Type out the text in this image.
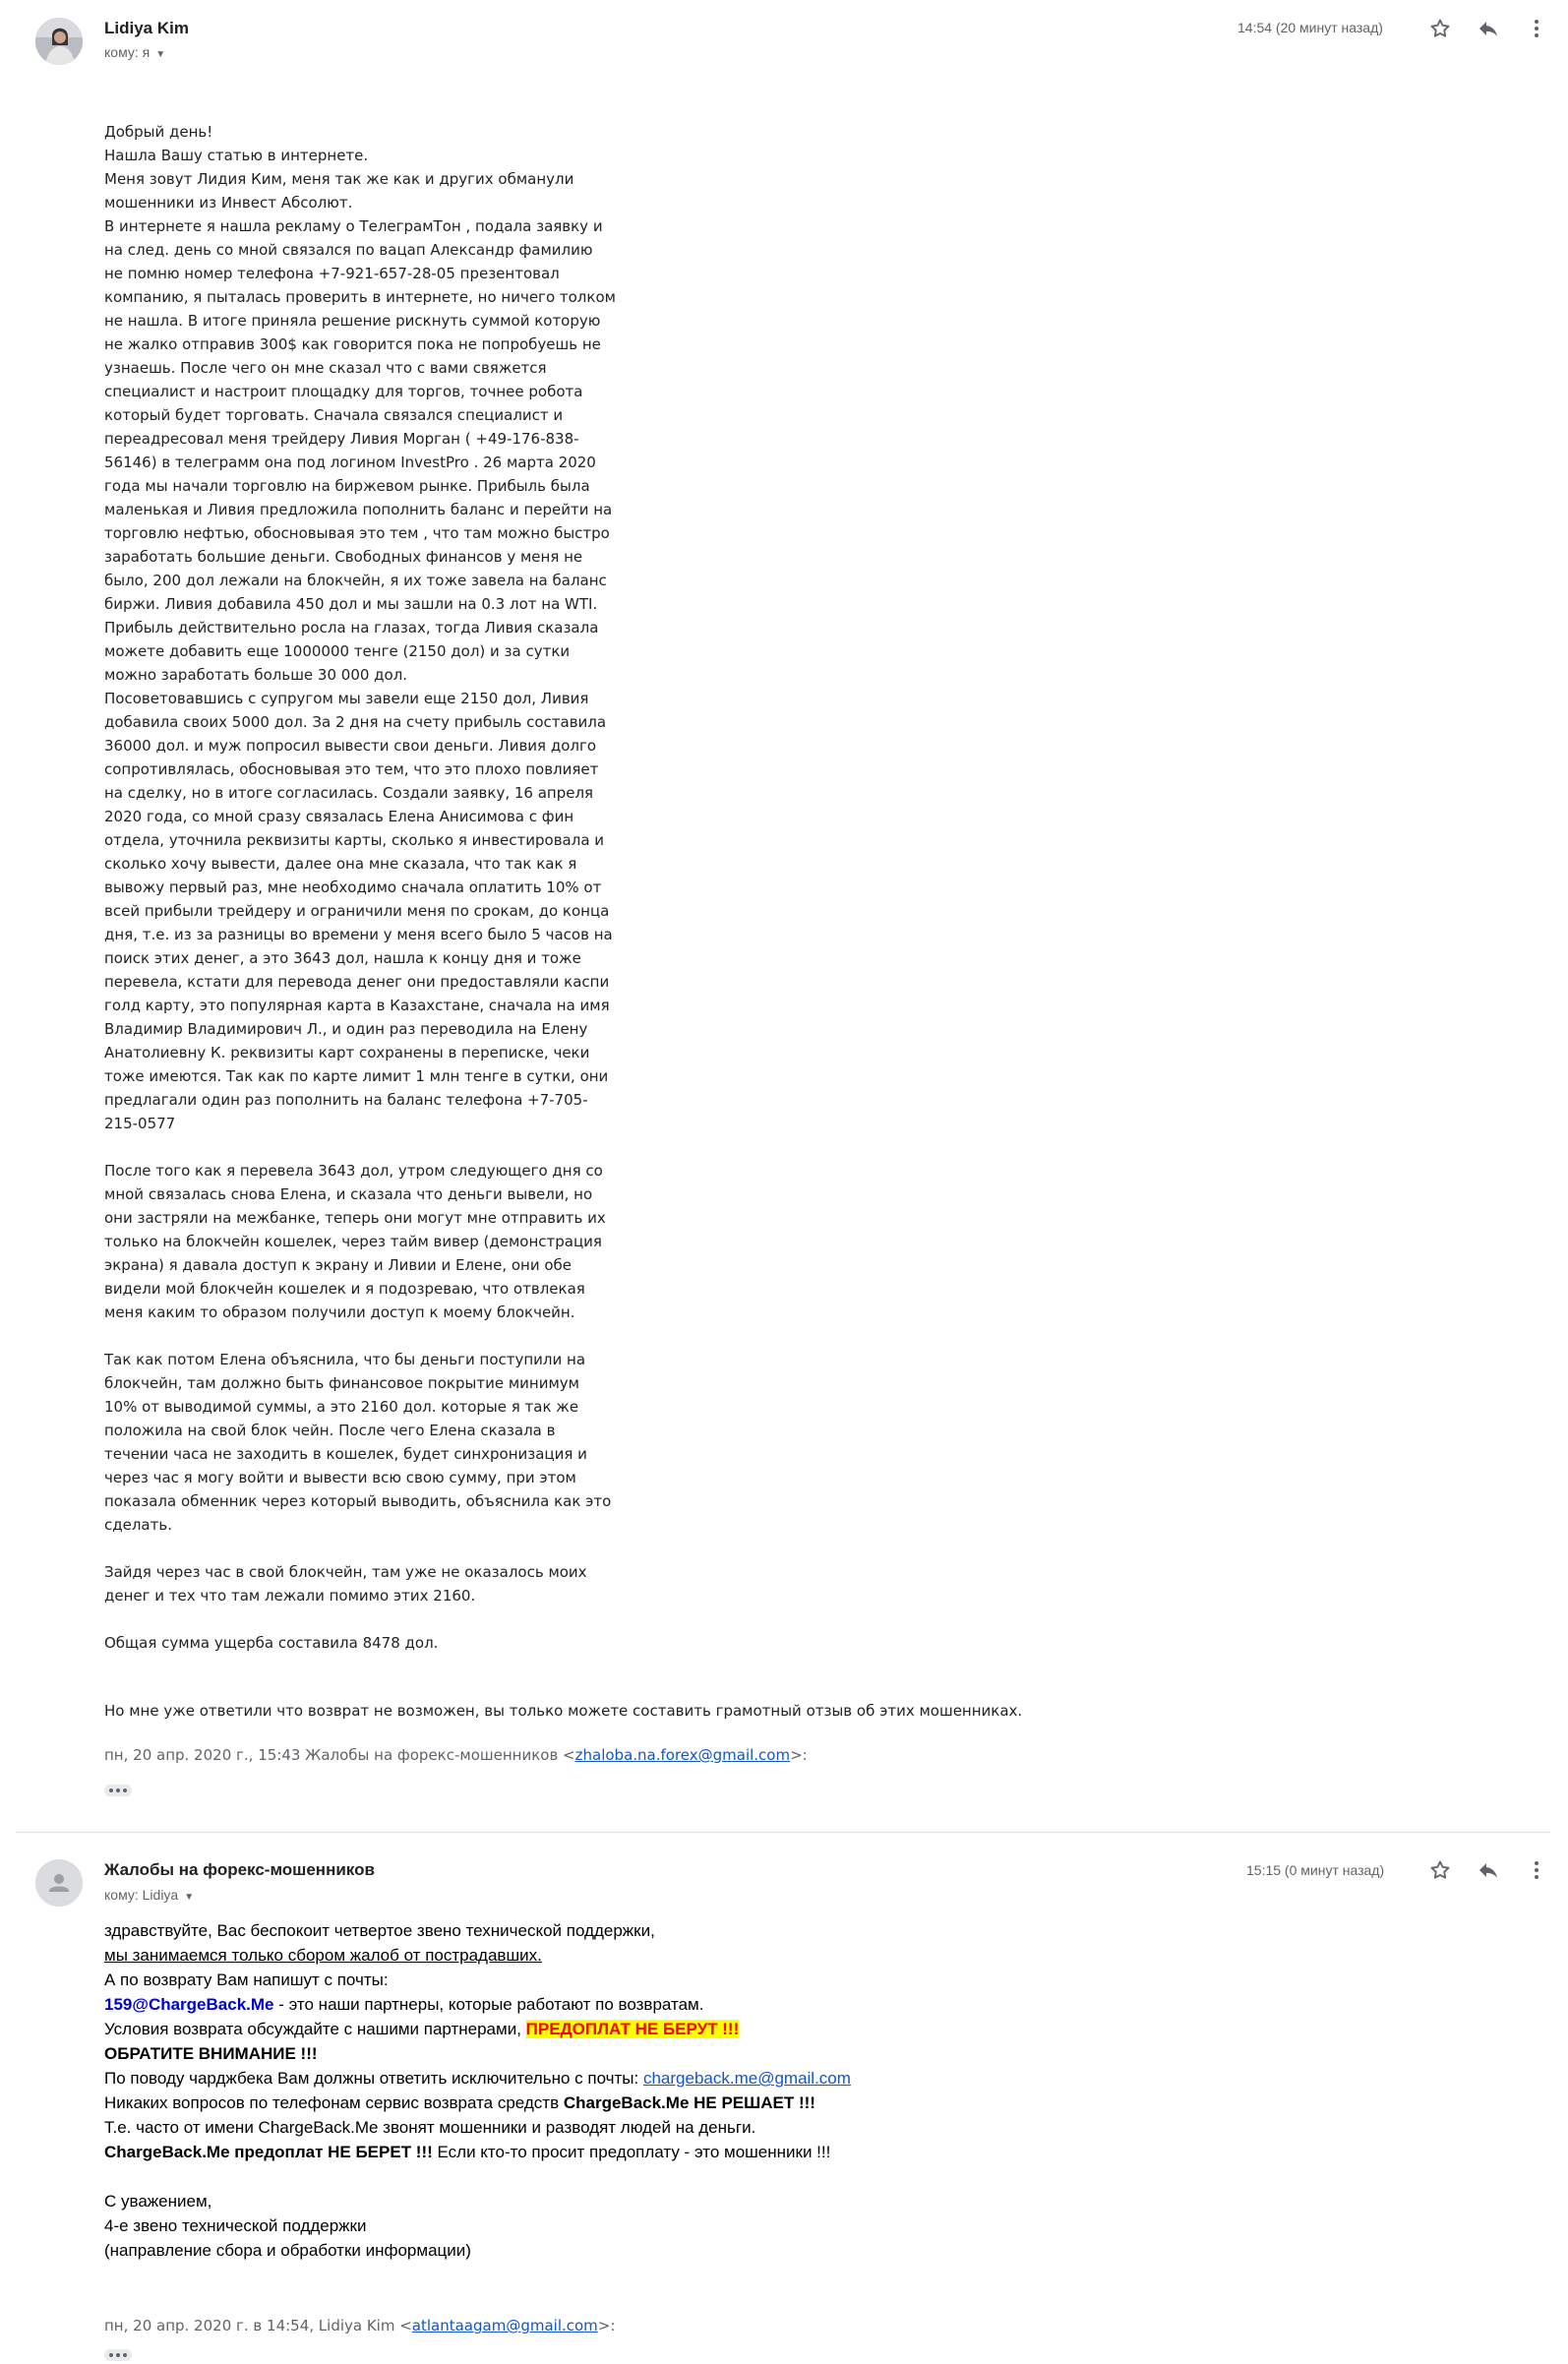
Lidiya Kim
кому: я ▼
14:54 (20 минут назад)

Добрый день!
Нашла Вашу статью в интернете.
Меня зовут Лидия Ким, меня так же как и других обманули мошенники из Инвест Абсолют.
В интернете я нашла рекламу о ТелеграмТон , подала заявку и на след. день со мной связался по вацап Александр фамилию не помню номер телефона +7-921-657-28-05 презентовал компанию, я пыталась проверить в интернете, но ничего толком не нашла. В итоге приняла решение рискнуть суммой которую не жалко отправив 300$ как говорится пока не попробуешь не узнаешь. После чего он мне сказал что с вами свяжется специалист и настроит площадку для торгов, точнее робота который будет торговать. Сначала связался специалист и переадресовал меня трейдеру Ливия Морган ( +49-176-838-56146) в телеграмм она под логином InvestPro . 26 марта 2020 года мы начали торговлю на биржевом рынке. Прибыль была маленькая и Ливия предложила пополнить баланс и перейти на торговлю нефтью, обосновывая это тем , что там можно быстро заработать большие деньги. Свободных финансов у меня не было, 200 дол лежали на блокчейн, я их тоже завела на баланс биржи. Ливия добавила 450 дол и мы зашли на 0.3 лот на WTI. Прибыль действительно росла на глазах, тогда Ливия сказала можете добавить еще 1000000 тенге (2150 дол) и за сутки можно заработать больше 30 000 дол.
Посоветовавшись с супругом мы завели еще 2150 дол, Ливия добавила своих 5000 дол. За 2 дня на счету прибыль составила 36000 дол. и муж попросил вывести свои деньги. Ливия долго сопротивлялась, обосновывая это тем, что это плохо повлияет на сделку, но в итоге согласилась. Создали заявку, 16 апреля 2020 года, со мной сразу связалась Елена Анисимова с фин отдела, уточнила реквизиты карты, сколько я инвестировала и сколько хочу вывести, далее она мне сказала, что так как я вывожу первый раз, мне необходимо сначала оплатить 10% от всей прибыли трейдеру и ограничили меня по срокам, до конца дня, т.е. из за разницы во времени у меня всего было 5 часов на поиск этих денег, а это 3643 дол, нашла к концу дня и тоже перевела, кстати для перевода денег они предоставляли каспи голд карту, это популярная карта в Казахстане, сначала на имя Владимир Владимирович Л., и один раз переводила на Елену Анатолиевну К. реквизиты карт сохранены в переписке, чеки тоже имеются. Так как по карте лимит 1 млн тенге в сутки, они предлагали один раз пополнить на баланс телефона +7-705-215-0577

После того как я перевела 3643 дол, утром следующего дня со мной связалась снова Елена, и сказала что деньги вывели, но они застряли на межбанке, теперь они могут мне отправить их только на блокчейн кошелек, через тайм вивер (демонстрация экрана) я давала доступ к экрану и Ливии и Елене, они обе видели мой блокчейн кошелек и я подозреваю, что отвлекая меня каким то образом получили доступ к моему блокчейн.

Так как потом Елена объяснила, что бы деньги поступили на блокчейн, там должно быть финансовое покрытие минимум 10% от выводимой суммы, а это 2160 дол. которые я так же положила на свой блок чейн. После чего Елена сказала в течении часа не заходить в кошелек, будет синхронизация и через час я могу войти и вывести всю свою сумму, при этом показала обменник через который выводить, объяснила как это сделать.

Зайдя через час в свой блокчейн, там уже не оказалось моих денег и тех что там лежали помимо этих 2160.

Общая сумма ущерба составила 8478 дол.

Но мне уже ответили что возврат не возможен, вы только можете составить грамотный отзыв об этих мошенниках.
пн, 20 апр. 2020 г., 15:43 Жалобы на форекс-мошенников <zhaloba.na.forex@gmail.com>:
Жалобы на форекс-мошенников
кому: Lidiya ▼
15:15 (0 минут назад)
здравствуйте, Вас беспокоит четвертое звено технической поддержки,
мы занимаемся только сбором жалоб от пострадавших.
А по возврату Вам напишут с почты:
159@ChargeBack.Me - это наши партнеры, которые работают по возвратам.
Условия возврата обсуждайте с нашими партнерами, ПРЕДОПЛАТ НЕ БЕРУТ !!!
ОБРАТИТЕ ВНИМАНИЕ !!!
По поводу чарджбека Вам должны ответить исключительно с почты: chargeback.me@gmail.com
Никаких вопросов по телефонам сервис возврата средств ChargeBack.Me НЕ РЕШАЕТ !!!
Т.е. часто от имени ChargeBack.Me звонят мошенники и разводят людей на деньги.
ChargeBack.Me предоплат НЕ БЕРЕТ !!! Если кто-то просит предоплату - это мошенники !!!
С уважением,
4-е звено технической поддержки
(направление сбора и обработки информации)
пн, 20 апр. 2020 г. в 14:54, Lidiya Kim <atlantaagam@gmail.com>:
